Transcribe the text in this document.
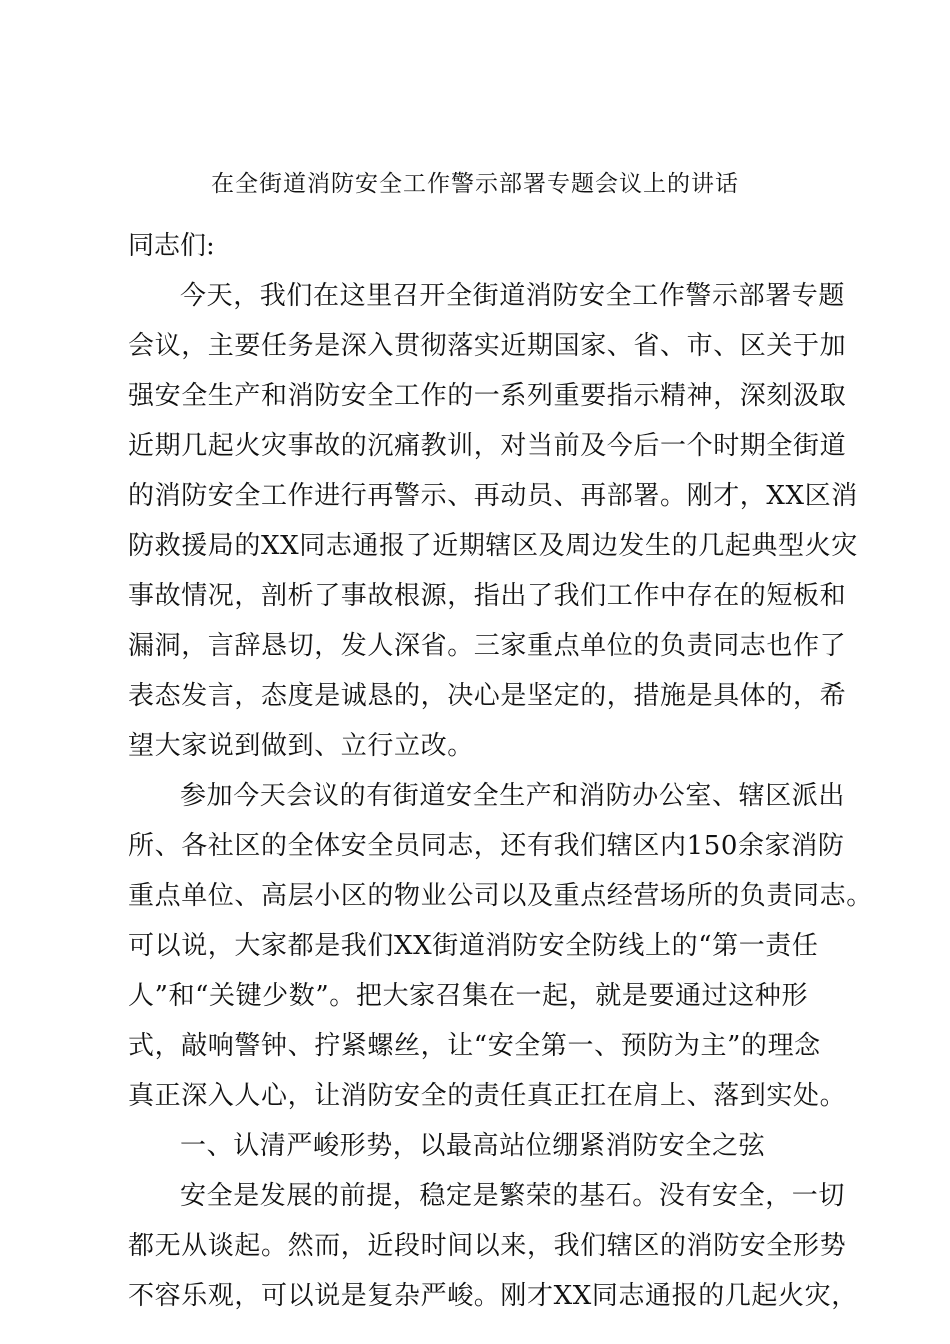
在全街道消防安全工作警示部署专题会议上的讲话
同志们:
今天，我们在这里召开全街道消防安全工作警示部署专题
会议，主要任务是深入贯彻落实近期国家、省、市、区关于加
强安全生产和消防安全工作的一系列重要指示精神，深刻汲取
近期几起火灾事故的沉痛教训，对当前及今后一个时期全街道
的消防安全工作进行再警示、再动员、再部署。刚才，XX区消
防救援局的XX同志通报了近期辖区及周边发生的几起典型火灾
事故情况，剖析了事故根源，指出了我们工作中存在的短板和
漏洞，言辞恳切，发人深省。三家重点单位的负责同志也作了
表态发言，态度是诚恳的，决心是坚定的，措施是具体的，希
望大家说到做到、立行立改。
参加今天会议的有街道安全生产和消防办公室、辖区派出
所、各社区的全体安全员同志，还有我们辖区内150余家消防
重点单位、高层小区的物业公司以及重点经营场所的负责同志。
可以说，大家都是我们XX街道消防安全防线上的“第一责任
人”和“关键少数”。把大家召集在一起，就是要通过这种形
式，敲响警钟、拧紧螺丝，让“安全第一、预防为主”的理念
真正深入人心，让消防安全的责任真正扛在肩上、落到实处。
一、认清严峻形势，以最高站位绷紧消防安全之弦
安全是发展的前提，稳定是繁荣的基石。没有安全，一切
都无从谈起。然而，近段时间以来，我们辖区的消防安全形势
不容乐观，可以说是复杂严峻。刚才XX同志通报的几起火灾，
